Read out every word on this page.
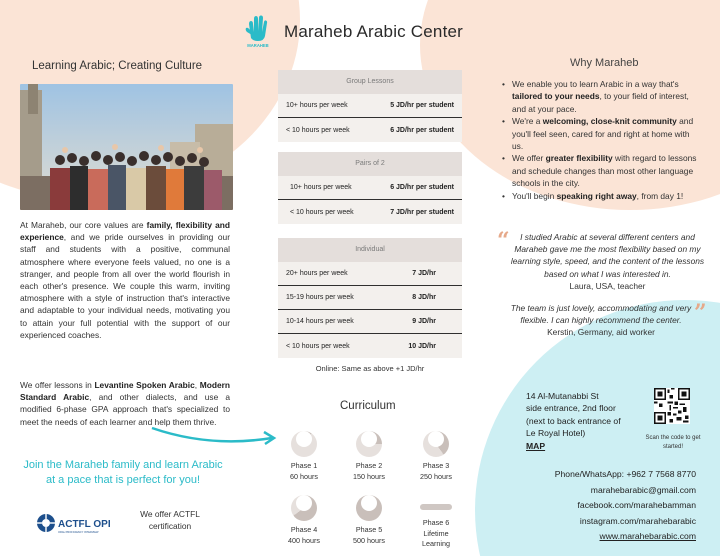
MARAHEB
Maraheb Arabic Center
Learning Arabic; Creating Culture
At Maraheb, our core values are family, flexibility and experience, and we pride ourselves in providing our staff and students with a positive, communal atmosphere where everyone feels valued, no one is a stranger, and people from all over the world flourish in each other's presence. We couple this warm, inviting atmosphere with a style of instruction that's interactive and adaptable to your individual needs, motivating you to attain your full potential with the support of our experienced coaches.
We offer lessons in Levantine Spoken Arabic, Modern Standard Arabic, and other dialects, and use a modified 6-phase GPA approach that's specialized to meet the needs of each learner and help them thrive.
Join the Maraheb family and learn Arabic at a pace that is perfect for you!
ACTFL OPI
ORAL PROFICIENCY INTERVIEW
We offer ACTFL certification
Group Lessons
10+ hours per week	5 JD/hr per student
< 10 hours per week	6 JD/hr per student
Pairs of 2
10+ hours per week	6 JD/hr per student
< 10 hours per week	7 JD/hr per student
Individual
20+ hours per week	7 JD/hr
15-19 hours per week	8 JD/hr
10-14 hours per week	9 JD/hr
< 10 hours per week	10 JD/hr
Online: Same as above +1 JD/hr
Curriculum
Phase 1
60 hours
Phase 2
150 hours
Phase 3
250 hours
Phase 4
400 hours
Phase 5
500 hours
Phase 6
Lifetime Learning
Why Maraheb
• We enable you to learn Arabic in a way that's tailored to your needs, to your field of interest, and at your pace.
• We're a welcoming, close-knit community and you'll feel seen, cared for and right at home with us.
• We offer greater flexibility with regard to lessons and schedule changes than most other language schools in the city.
• You'll begin speaking right away, from day 1!
“	I studied Arabic at several different centers and Maraheb gave me the most flexibility based on my learning style, speed, and the content of the lessons based on what I was interested in.
Laura, USA, teacher
The team is just lovely, accommodating and very flexible. I can highly recommend the center.
Kerstin, Germany, aid worker
”
14 Al-Mutanabbi St
side entrance, 2nd floor
(next to back entrance of
Le Royal Hotel)
MAP
Scan the code to get started!
Phone/WhatsApp: +962 7 7568 8770
marahebarabic@gmail.com
facebook.com/marahebamman
instagram.com/marahebarabic
www.marahebarabic.com
